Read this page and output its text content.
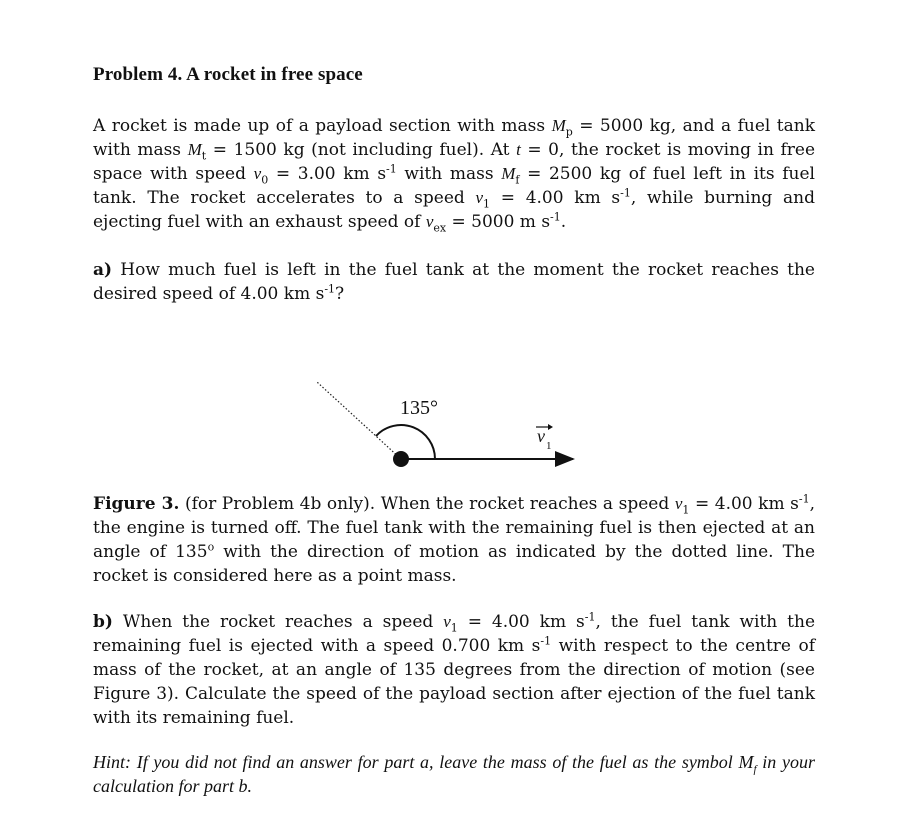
Problem 4. A rocket in free space
A rocket is made up of a payload section with mass $M_p = 5000$ kg, and a fuel tank with mass $M_t = 1500$ kg (not including fuel). At t = 0, the rocket is moving in free space with speed $v_0 = 3.00$ km $s^{-1}$ with mass $M_f = 2500$ kg of fuel left in its fuel tank. The rocket accelerates to a speed $v_1 = 4.00$ km $s^{-1}$, while burning and ejecting fuel with an exhaust speed of $v_{ex} = 5000$ m $s^{-1}$.
a) How much fuel is left in the fuel tank at the moment the rocket reaches the desired speed of 4.00 km $s^{-1}$?
Figure 3. (for Problem 4b only). When the rocket reaches a speed $v_1 = 4.00$ km $s^{-1}$, the engine is turned off. The fuel tank with the remaining fuel is then ejected at an angle of 135$^o$ with the direction of motion as indicated by the dotted line. The rocket is considered here as a point mass.
b) When the rocket reaches a speed $v_1 = 4.00$ km $s^{-1}$, the fuel tank with the remaining fuel is ejected with a speed 0.700 km $s^{-1}$ with respect to the centre of mass of the rocket, at an angle of 135 degrees from the direction of motion (see Figure 3). Calculate the speed of the payload section after ejection of the fuel tank with its remaining fuel.
Hint: If you did not find an answer for part a, leave the mass of the fuel as the symbol $M_f$ in your calculation for part b.
135°
v 1
